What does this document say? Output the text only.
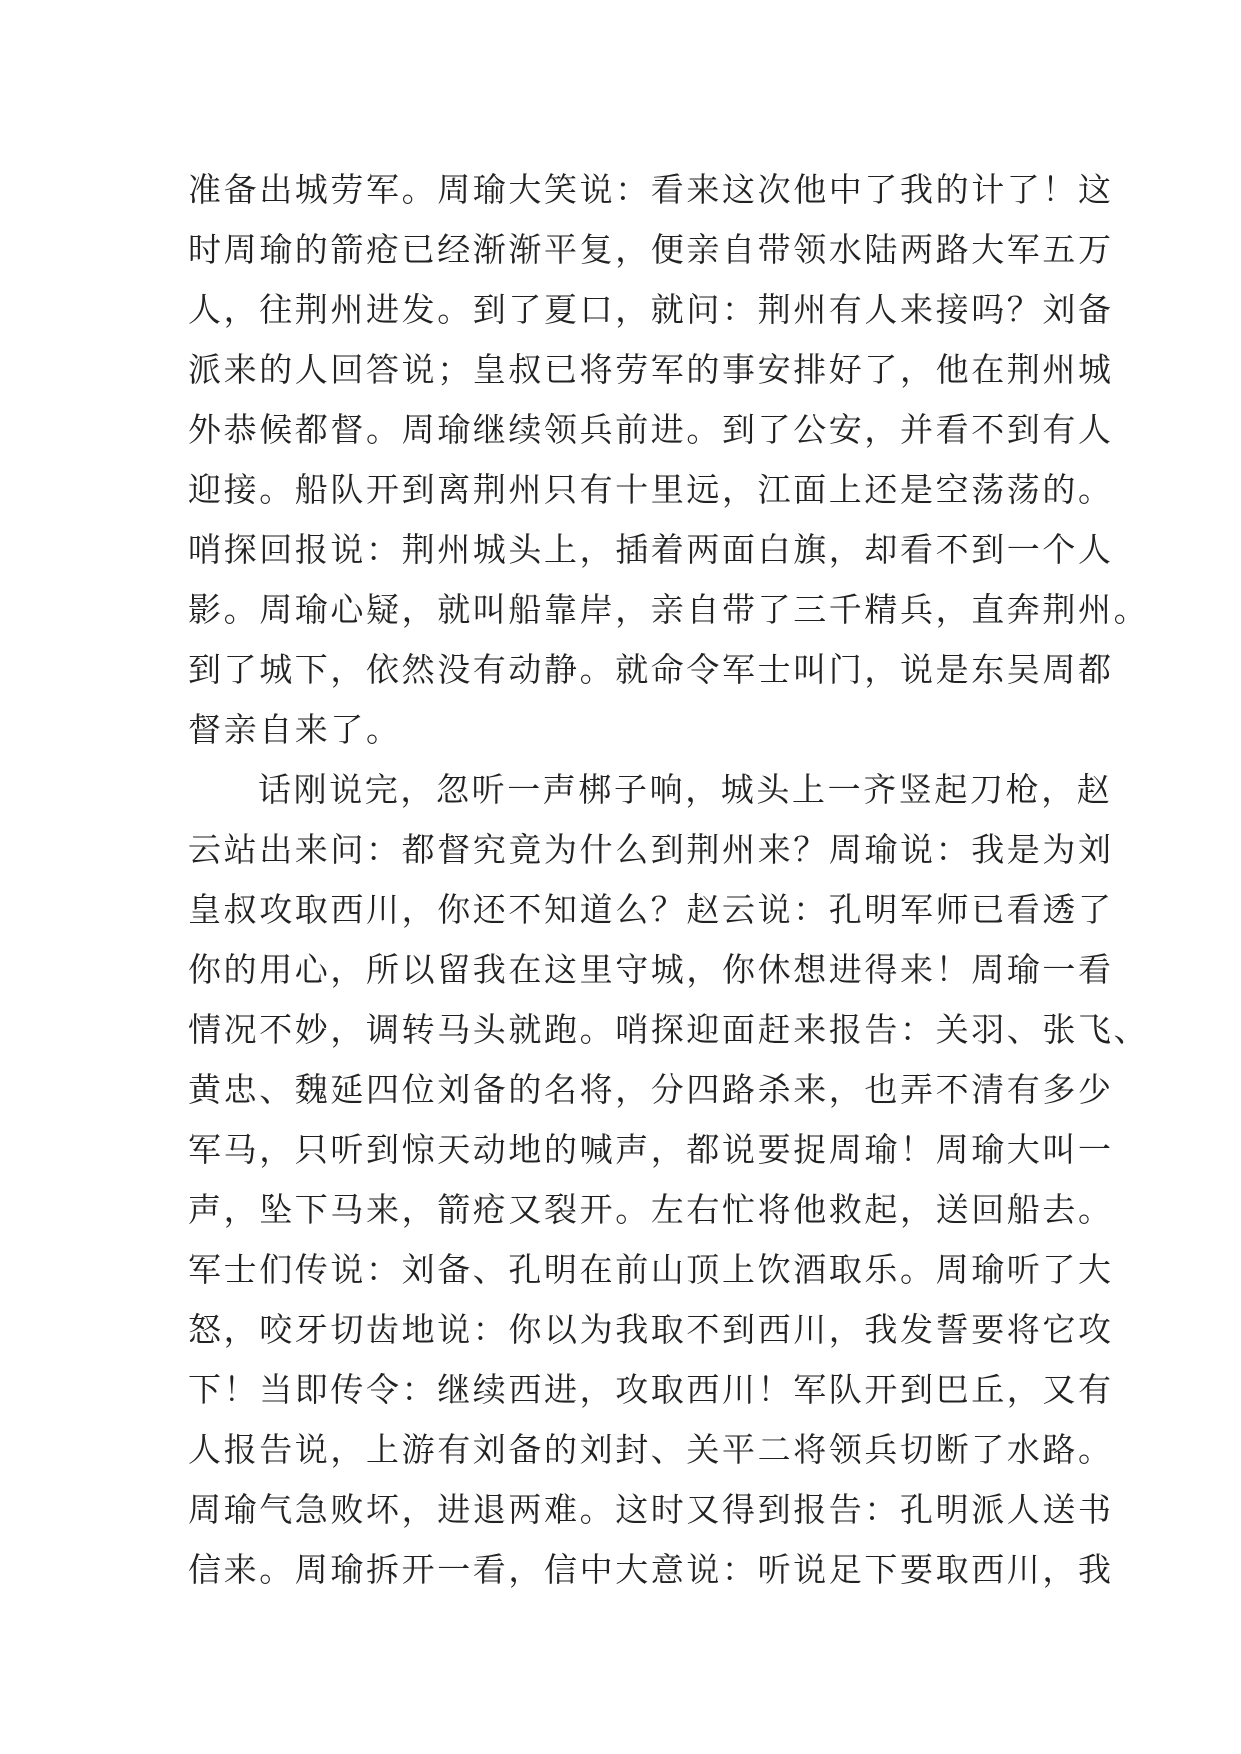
准备出城劳军。周瑜大笑说：看来这次他中了我的计了！这
时周瑜的箭疮已经渐渐平复，便亲自带领水陆两路大军五万
人，往荆州进发。到了夏口，就问：荆州有人来接吗？刘备
派来的人回答说；皇叔已将劳军的事安排好了，他在荆州城
外恭候都督。周瑜继续领兵前进。到了公安，并看不到有人
迎接。船队开到离荆州只有十里远，江面上还是空荡荡的。
哨探回报说：荆州城头上，插着两面白旗，却看不到一个人
影。周瑜心疑，就叫船靠岸，亲自带了三千精兵，直奔荆州。
到了城下，依然没有动静。就命令军士叫门，说是东吴周都
督亲自来了。
话刚说完，忽听一声梆子响，城头上一齐竖起刀枪，赵
云站出来问：都督究竟为什么到荆州来？周瑜说：我是为刘
皇叔攻取西川，你还不知道么？赵云说：孔明军师已看透了
你的用心，所以留我在这里守城，你休想进得来！周瑜一看
情况不妙，调转马头就跑。哨探迎面赶来报告：关羽、张飞、
黄忠、魏延四位刘备的名将，分四路杀来，也弄不清有多少
军马，只听到惊天动地的喊声，都说要捉周瑜！周瑜大叫一
声，坠下马来，箭疮又裂开。左右忙将他救起，送回船去。
军士们传说：刘备、孔明在前山顶上饮酒取乐。周瑜听了大
怒，咬牙切齿地说：你以为我取不到西川，我发誓要将它攻
下！当即传令：继续西进，攻取西川！军队开到巴丘，又有
人报告说，上游有刘备的刘封、关平二将领兵切断了水路。
周瑜气急败坏，进退两难。这时又得到报告：孔明派人送书
信来。周瑜拆开一看，信中大意说：听说足下要取西川，我
